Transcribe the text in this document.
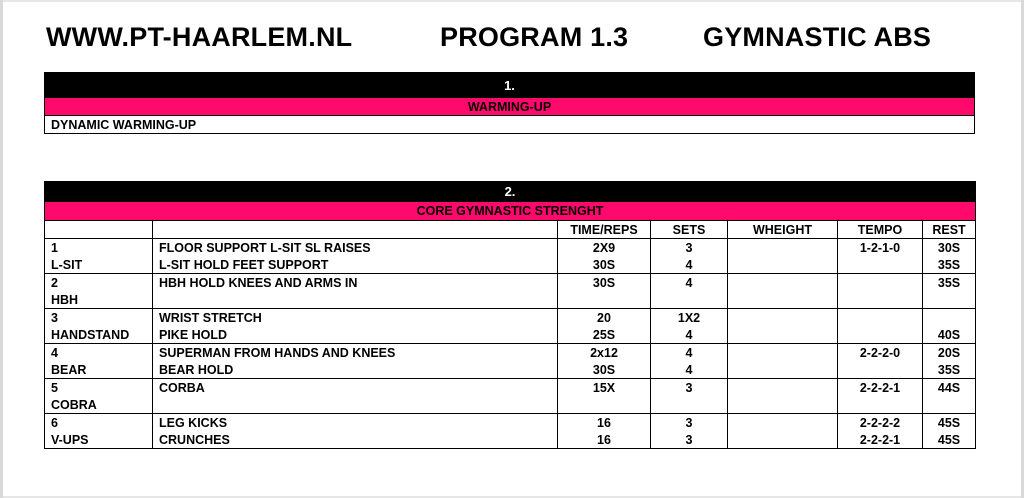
WWW.PT-HAARLEM.NL	PROGRAM 1.3	GYMNASTIC ABS
1.
WARMING-UP
DYNAMIC WARMING-UP
2.						
CORE GYMNASTIC STRENGHT						
		TIME/REPS	SETS	WHEIGHT	TEMPO	REST
1	FLOOR SUPPORT L-SIT SL RAISES	2X9	3		1-2-1-0	30S
L-SIT	L-SIT HOLD FEET SUPPORT	30S	4			35S
2	HBH HOLD KNEES AND ARMS IN	30S	4			35S
HBH						
3	WRIST STRETCH	20	1X2			
HANDSTAND	PIKE HOLD	25S	4			40S
4	SUPERMAN FROM HANDS AND KNEES	2x12	4		2-2-2-0	20S
BEAR	BEAR HOLD	30S	4			35S
5	CORBA	15X	3		2-2-2-1	44S
COBRA						
6	LEG KICKS	16	3		2-2-2-2	45S
V-UPS	CRUNCHES	16	3		2-2-2-1	45S
